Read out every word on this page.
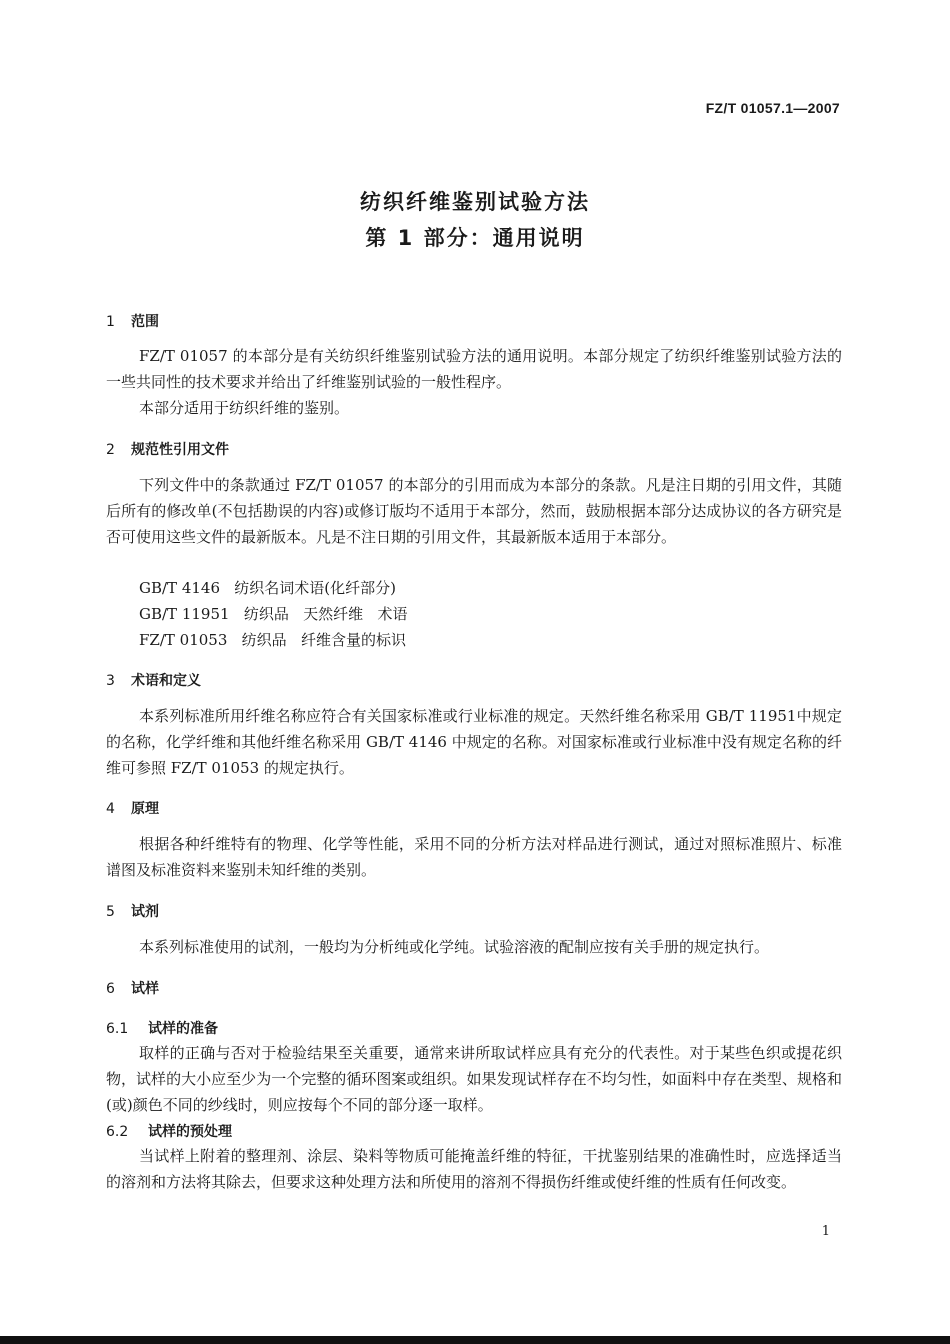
FZ/T 01057.1—2007
纺织纤维鉴别试验方法
第 1 部分：通用说明
1 范围

FZ/T 01057 的本部分是有关纺织纤维鉴别试验方法的通用说明。本部分规定了纺织纤维鉴别试验方法的一些共同性的技术要求并给出了纤维鉴别试验的一般性程序。

本部分适用于纺织纤维的鉴别。

2 规范性引用文件

下列文件中的条款通过 FZ/T 01057 的本部分的引用而成为本部分的条款。凡是注日期的引用文件，其随后所有的修改单(不包括勘误的内容)或修订版均不适用于本部分，然而，鼓励根据本部分达成协议的各方研究是否可使用这些文件的最新版本。凡是不注日期的引用文件，其最新版本适用于本部分。

GB/T 4146   纺织名词术语(化纤部分)
GB/T 11951   纺织品   天然纤维   术语
FZ/T 01053   纺织品   纤维含量的标识
3 术语和定义

本系列标准所用纤维名称应符合有关国家标准或行业标准的规定。天然纤维名称采用 GB/T 11951中规定的名称，化学纤维和其他纤维名称采用 GB/T 4146 中规定的名称。对国家标准或行业标准中没有规定名称的纤维可参照 FZ/T 01053 的规定执行。

4 原理

根据各种纤维特有的物理、化学等性能，采用不同的分析方法对样品进行测试，通过对照标准照片、标准谱图及标准资料来鉴别未知纤维的类别。

5 试剂

本系列标准使用的试剂，一般均为分析纯或化学纯。试验溶液的配制应按有关手册的规定执行。

6 试样
6.1 试样的准备

取样的正确与否对于检验结果至关重要，通常来讲所取试样应具有充分的代表性。对于某些色织或提花织物，试样的大小应至少为一个完整的循环图案或组织。如果发现试样存在不均匀性，如面料中存在类型、规格和(或)颜色不同的纱线时，则应按每个不同的部分逐一取样。

6.2 试样的预处理

当试样上附着的整理剂、涂层、染料等物质可能掩盖纤维的特征，干扰鉴别结果的准确性时，应选择适当的溶剂和方法将其除去，但要求这种处理方法和所使用的溶剂不得损伤纤维或使纤维的性质有任何改变。

1
